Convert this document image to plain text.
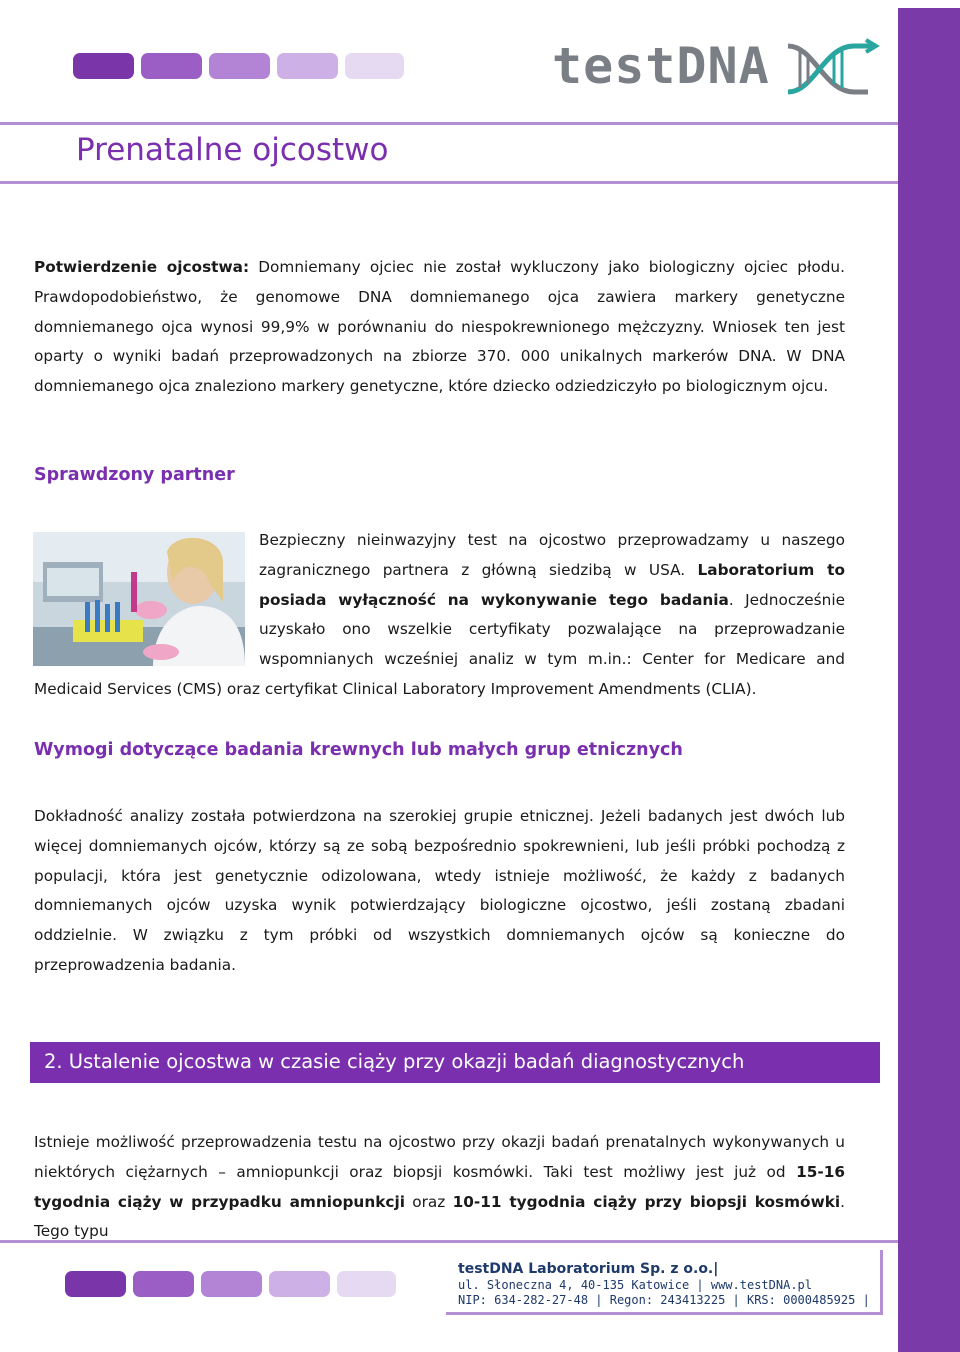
testDNA
Prenatalne ojcostwo

Potwierdzenie ojcostwa: Domniemany ojciec nie został wykluczony jako biologiczny ojciec płodu. Prawdopodobieństwo, że genomowe DNA domniemanego ojca zawiera markery genetyczne domniemanego ojca wynosi 99,9% w porównaniu do niespokrewnionego mężczyzny. Wniosek ten jest oparty o wyniki badań przeprowadzonych na zbiorze 370. 000 unikalnych markerów DNA. W DNA domniemanego ojca znaleziono markery genetyczne, które dziecko odziedziczyło po biologicznym ojcu.

Sprawdzony partner

Bezpieczny nieinwazyjny test na ojcostwo przeprowadzamy u naszego zagranicznego partnera z główną siedzibą w USA. Laboratorium to posiada wyłączność na wykonywanie tego badania. Jednocześnie uzyskało ono wszelkie certyfikaty pozwalające na przeprowadzanie wspomnianych wcześniej analiz w tym m.in.: Center for Medicare and Medicaid Services (CMS) oraz certyfikat Clinical Laboratory Improvement Amendments (CLIA).

Wymogi dotyczące badania krewnych lub małych grup etnicznych

Dokładność analizy została potwierdzona na szerokiej grupie etnicznej. Jeżeli badanych jest dwóch lub więcej domniemanych ojców, którzy są ze sobą bezpośrednio spokrewnieni, lub jeśli próbki pochodzą z populacji, która jest genetycznie odizolowana, wtedy istnieje możliwość, że każdy z badanych domniemanych ojców uzyska wynik potwierdzający biologiczne ojcostwo, jeśli zostaną zbadani oddzielnie. W związku z tym próbki od wszystkich domniemanych ojców są konieczne do przeprowadzenia badania.

2. Ustalenie ojcostwa w czasie ciąży przy okazji badań diagnostycznych

Istnieje możliwość przeprowadzenia testu na ojcostwo przy okazji badań prenatalnych wykonywanych u niektórych ciężarnych – amniopunkcji oraz biopsji kosmówki. Taki test możliwy jest już od 15-16 tygodnia ciąży w przypadku amniopunkcji oraz 10-11 tygodnia ciąży przy biopsji kosmówki. Tego typu

testDNA Laboratorium Sp. z o.o.|
ul. Słoneczna 4, 40-135 Katowice | www.testDNA.pl
NIP: 634-282-27-48 | Regon: 243413225 | KRS: 0000485925 |
